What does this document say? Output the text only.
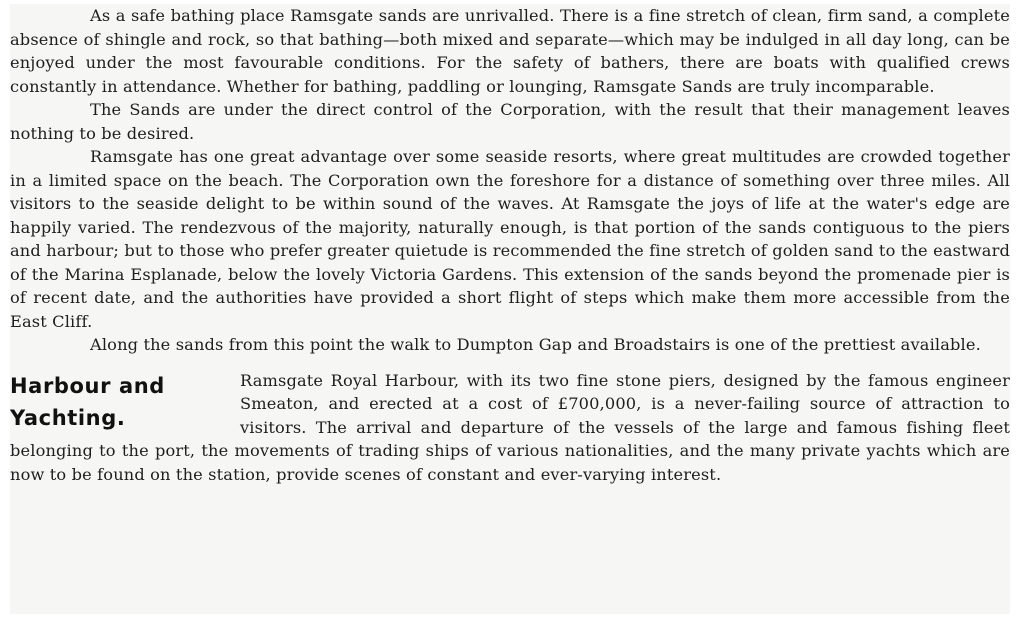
As a safe bathing place Ramsgate sands are unrivalled. There is a fine stretch of clean, firm sand, a complete absence of shingle and rock, so that bathing—both mixed and separate—which may be indulged in all day long, can be enjoyed under the most favourable conditions. For the safety of bathers, there are boats with qualified crews constantly in attendance. Whether for bathing, paddling or lounging, Ramsgate Sands are truly incomparable.

The Sands are under the direct control of the Corporation, with the result that their management leaves nothing to be desired.

Ramsgate has one great advantage over some seaside resorts, where great multitudes are crowded together in a limited space on the beach. The Corporation own the foreshore for a distance of something over three miles. All visitors to the seaside delight to be within sound of the waves. At Ramsgate the joys of life at the water's edge are happily varied. The rendezvous of the majority, naturally enough, is that portion of the sands contiguous to the piers and harbour; but to those who prefer greater quietude is recommended the fine stretch of golden sand to the eastward of the Marina Esplanade, below the lovely Victoria Gardens. This extension of the sands beyond the promenade pier is of recent date, and the authorities have provided a short flight of steps which make them more accessible from the East Cliff.

Along the sands from this point the walk to Dumpton Gap and Broadstairs is one of the prettiest available.

Harbour and
Yachting.

Ramsgate Royal Harbour, with its two fine stone piers, designed by the famous engineer Smeaton, and erected at a cost of £700,000, is a never-failing source of attraction to visitors. The arrival and departure of the vessels of the large and famous fishing fleet belonging to the port, the movements of trading ships of various nationalities, and the many private yachts which are now to be found on the station, provide scenes of constant and ever-varying interest.
